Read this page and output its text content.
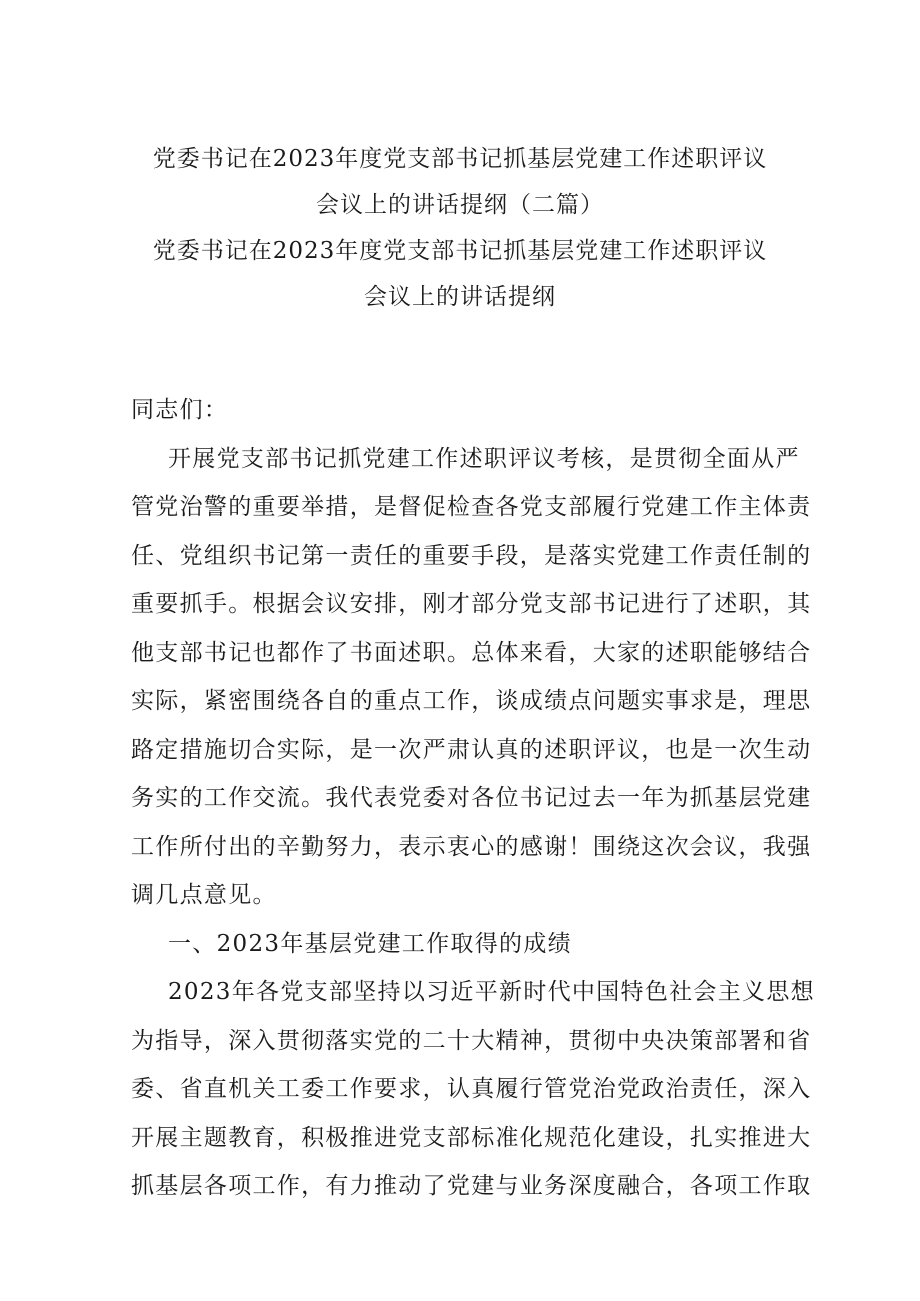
党委书记在2023年度党支部书记抓基层党建工作述职评议
会议上的讲话提纲（二篇）
党委书记在2023年度党支部书记抓基层党建工作述职评议
会议上的讲话提纲
同志们：
开展党支部书记抓党建工作述职评议考核，是贯彻全面从严
管党治警的重要举措，是督促检查各党支部履行党建工作主体责
任、党组织书记第一责任的重要手段，是落实党建工作责任制的
重要抓手。根据会议安排，刚才部分党支部书记进行了述职，其
他支部书记也都作了书面述职。总体来看，大家的述职能够结合
实际，紧密围绕各自的重点工作，谈成绩点问题实事求是，理思
路定措施切合实际，是一次严肃认真的述职评议，也是一次生动
务实的工作交流。我代表党委对各位书记过去一年为抓基层党建
工作所付出的辛勤努力，表示衷心的感谢！围绕这次会议，我强
调几点意见。
一、2023年基层党建工作取得的成绩
2023年各党支部坚持以习近平新时代中国特色社会主义思想
为指导，深入贯彻落实党的二十大精神，贯彻中央决策部署和省
委、省直机关工委工作要求，认真履行管党治党政治责任，深入
开展主题教育，积极推进党支部标准化规范化建设，扎实推进大
抓基层各项工作，有力推动了党建与业务深度融合，各项工作取
